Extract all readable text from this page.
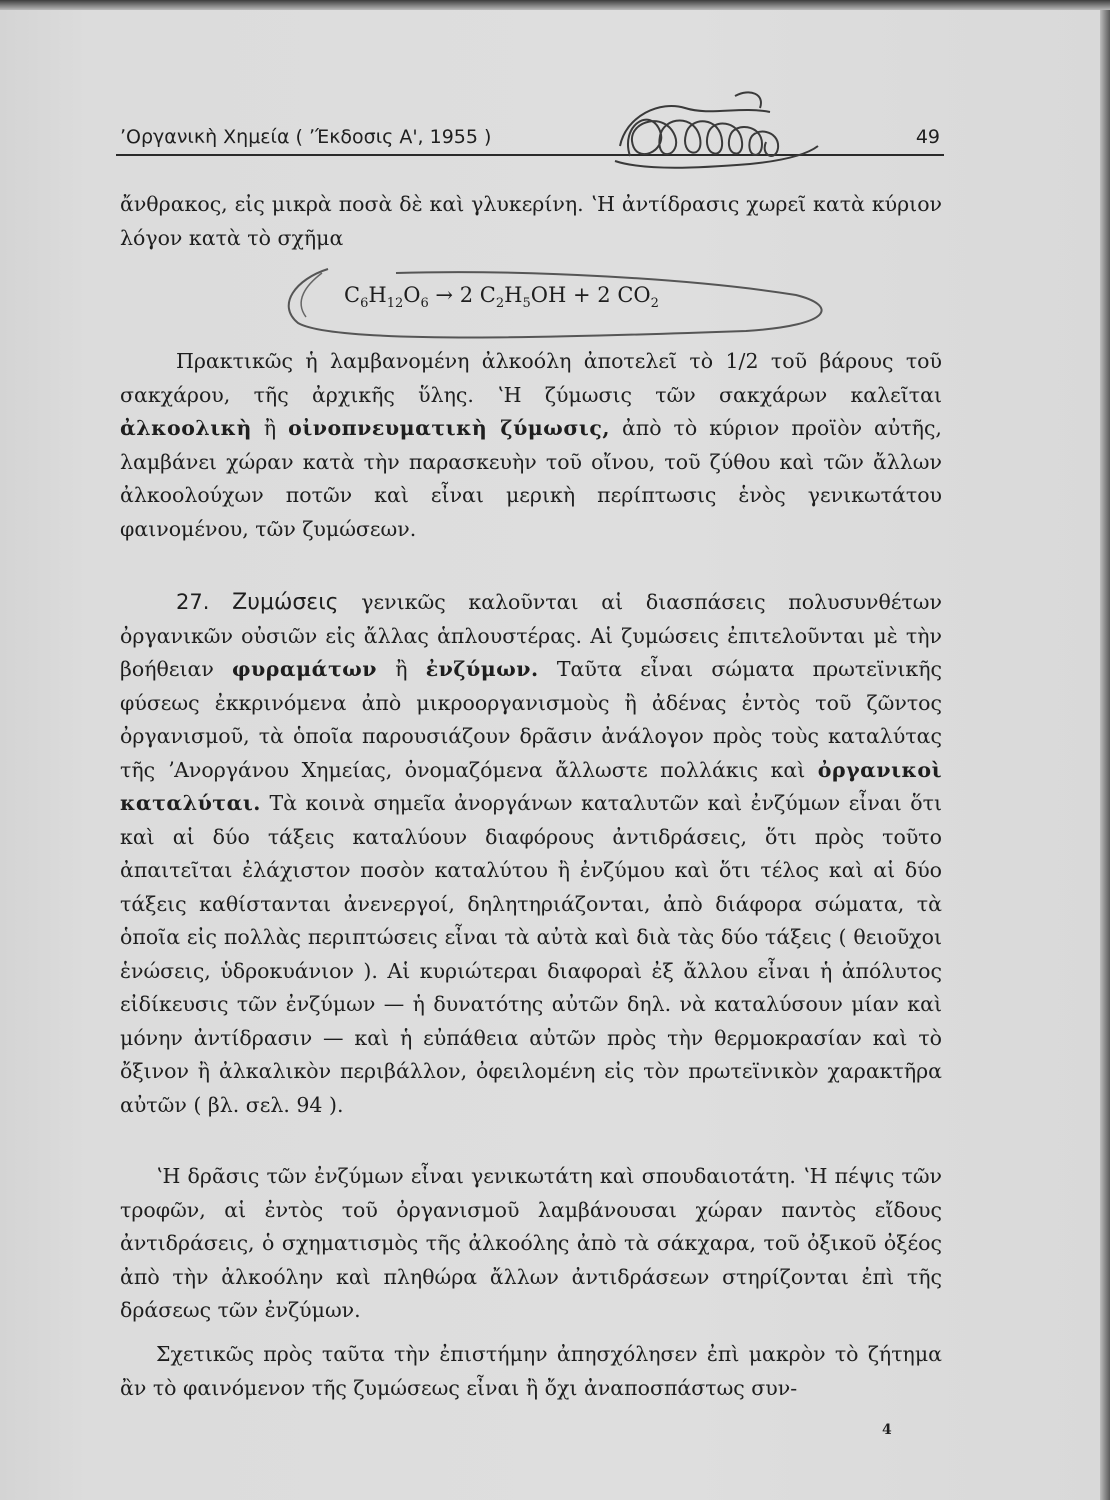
ʼΟργανικὴ Χημεία ( ʼΈκδοσις Α', 1955 )	49
ἄνθρακος, εἰς μικρὰ ποσὰ δὲ καὶ γλυκερίνη. ʽΗ ἀντίδρασις χωρεῖ κατὰ κύριον λόγον κατὰ τὸ σχῆμα
$C_6H_{12}O_6 \to 2$ $C_2H_5OH + 2$ $CO_2$
Πρακτικῶς ἡ λαμβανομένη ἀλκοόλη ἀποτελεῖ τὸ 1/2 τοῦ βάρους τοῦ σακχάρου, τῆς ἀρχικῆς ὕλης. ʽΗ ζύμωσις τῶν σακχάρων καλεῖται ἀλκοολικὴ ἢ οἰνοπνευματικὴ ζύμωσις, ἀπὸ τὸ κύριον προϊὸν αὐτῆς, λαμβάνει χώραν κατὰ τὴν παρασκευὴν τοῦ οἴνου, τοῦ ζύθου καὶ τῶν ἄλλων ἀλκοολούχων ποτῶν καὶ εἶναι μερικὴ περίπτωσις ἑνὸς γενικωτάτου φαινομένου, τῶν ζυμώσεων.
27. Ζυμώσεις γενικῶς καλοῦνται αἱ διασπάσεις πολυσυνθέτων ὀργανικῶν οὐσιῶν εἰς ἄλλας ἁπλουστέρας. Αἱ ζυμώσεις ἐπιτελοῦνται μὲ τὴν βοήθειαν φυραμάτων ἢ ἐνζύμων. Ταῦτα εἶναι σώματα πρωτεϊνικῆς φύσεως ἐκκρινόμενα ἀπὸ μικροοργανισμοὺς ἢ ἀδένας ἐντὸς τοῦ ζῶντος ὀργανισμοῦ, τὰ ὁποῖα παρουσιάζουν δρᾶσιν ἀνάλογον πρὸς τοὺς καταλύτας τῆς ʼΑνοργάνου Χημείας, ὀνομαζόμενα ἄλλωστε πολλάκις καὶ ὀργανικοὶ καταλύται. Τὰ κοινὰ σημεῖα ἀνοργάνων καταλυτῶν καὶ ἐνζύμων εἶναι ὅτι καὶ αἱ δύο τάξεις καταλύουν διαφόρους ἀντιδράσεις, ὅτι πρὸς τοῦτο ἀπαιτεῖται ἐλάχιστον ποσὸν καταλύτου ἢ ἐνζύμου καὶ ὅτι τέλος καὶ αἱ δύο τάξεις καθίστανται ἀνενεργοί, δηλητηριάζονται, ἀπὸ διάφορα σώματα, τὰ ὁποῖα εἰς πολλὰς περιπτώσεις εἶναι τὰ αὐτὰ καὶ διὰ τὰς δύο τάξεις ( θειοῦχοι ἑνώσεις, ὑδροκυάνιον ). Αἱ κυριώτεραι διαφοραὶ ἐξ ἄλλου εἶναι ἡ ἀπόλυτος εἰδίκευσις τῶν ἐνζύμων — ἡ δυνατότης αὐτῶν δηλ. νὰ καταλύσουν μίαν καὶ μόνην ἀντίδρασιν — καὶ ἡ εὐπάθεια αὐτῶν πρὸς τὴν θερμοκρασίαν καὶ τὸ ὄξινον ἢ ἀλκαλικὸν περιβάλλον, ὀφειλομένη εἰς τὸν πρωτεϊνικὸν χαρακτῆρα αὐτῶν ( βλ. σελ. 94 ).
ʽΗ δρᾶσις τῶν ἐνζύμων εἶναι γενικωτάτη καὶ σπουδαιοτάτη. ʽΗ πέψις τῶν τροφῶν, αἱ ἐντὸς τοῦ ὀργανισμοῦ λαμβάνουσαι χώραν παντὸς εἴδους ἀντιδράσεις, ὁ σχηματισμὸς τῆς ἀλκοόλης ἀπὸ τὰ σάκχαρα, τοῦ ὀξικοῦ ὀξέος ἀπὸ τὴν ἀλκοόλην καὶ πληθώρα ἄλλων ἀντιδράσεων στηρίζονται ἐπὶ τῆς δράσεως τῶν ἐνζύμων.
Σχετικῶς πρὸς ταῦτα τὴν ἐπιστήμην ἀπησχόλησεν ἐπὶ μακρὸν τὸ ζήτημα ἂν τὸ φαινόμενον τῆς ζυμώσεως εἶναι ἢ ὄχι ἀναποσπάστως συν-
4
